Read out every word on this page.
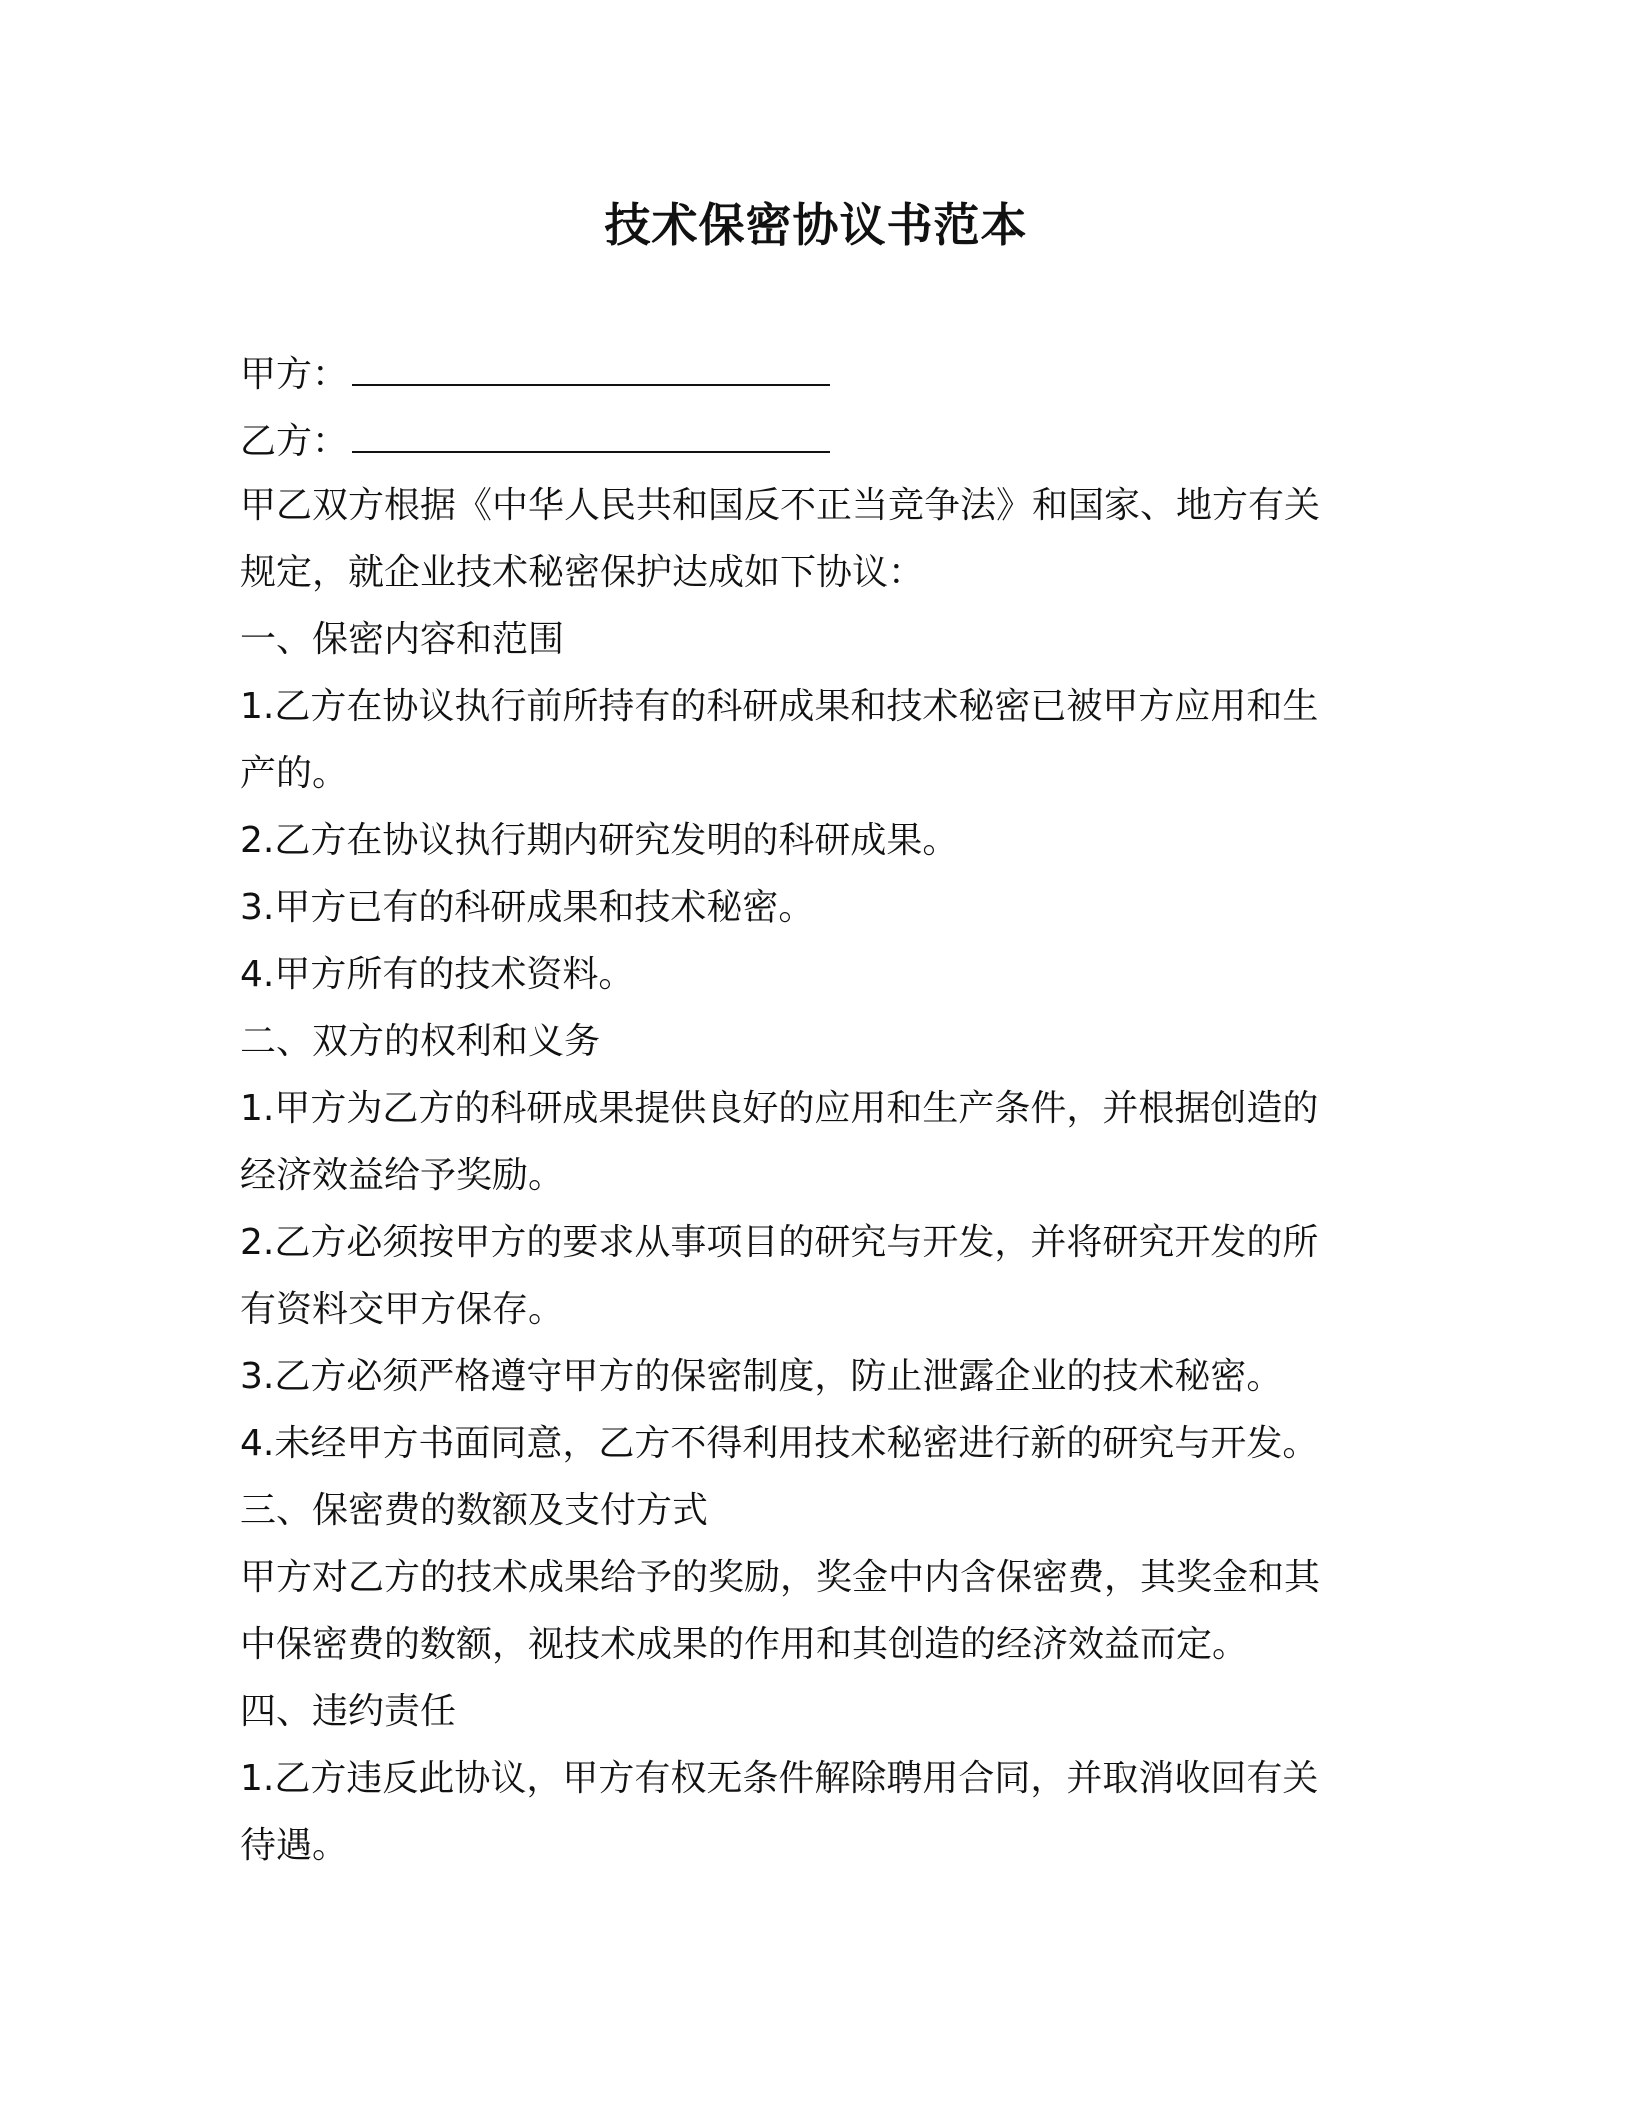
技术保密协议书范本
甲方：
乙方：
甲乙双方根据《中华人民共和国反不正当竞争法》和国家、地方有关
规定，就企业技术秘密保护达成如下协议：
一、保密内容和范围
1.乙方在协议执行前所持有的科研成果和技术秘密已被甲方应用和生
产的。
2.乙方在协议执行期内研究发明的科研成果。
3.甲方已有的科研成果和技术秘密。
4.甲方所有的技术资料。
二、双方的权利和义务
1.甲方为乙方的科研成果提供良好的应用和生产条件，并根据创造的
经济效益给予奖励。
2.乙方必须按甲方的要求从事项目的研究与开发，并将研究开发的所
有资料交甲方保存。
3.乙方必须严格遵守甲方的保密制度，防止泄露企业的技术秘密。
4.未经甲方书面同意，乙方不得利用技术秘密进行新的研究与开发。
三、保密费的数额及支付方式
甲方对乙方的技术成果给予的奖励，奖金中内含保密费，其奖金和其
中保密费的数额，视技术成果的作用和其创造的经济效益而定。
四、违约责任
1.乙方违反此协议，甲方有权无条件解除聘用合同，并取消收回有关
待遇。
